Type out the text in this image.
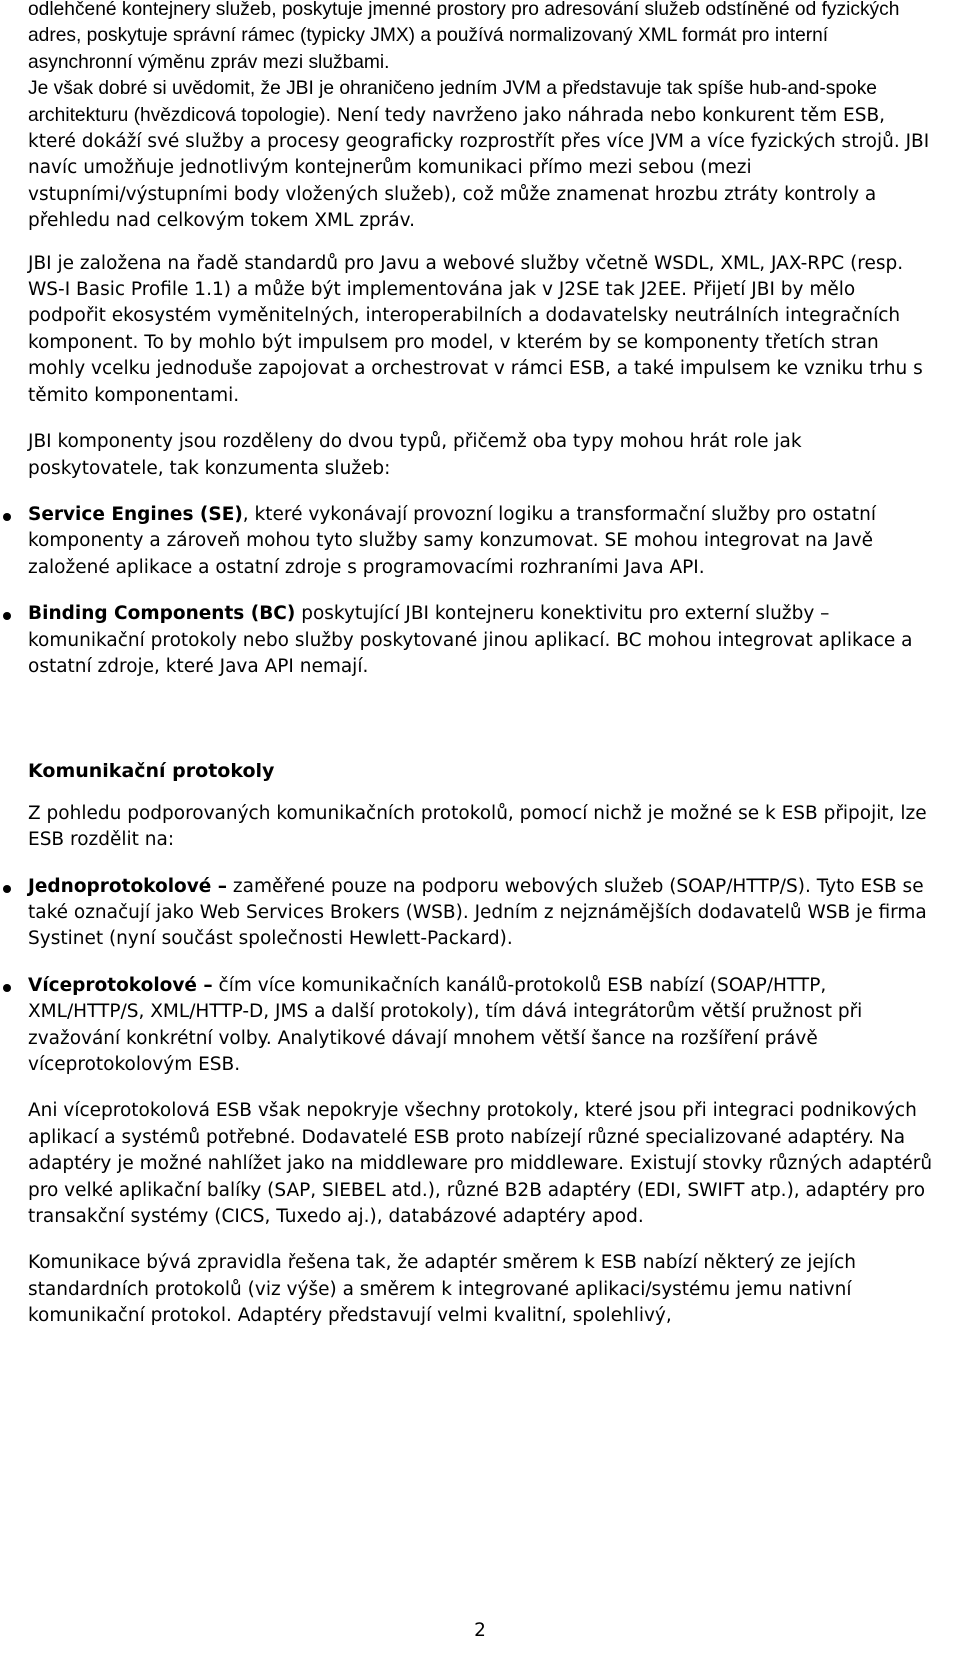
odlehčené kontejnery služeb, poskytuje jmenné prostory pro adresování služeb odstíněné od fyzických adres, poskytuje správní rámec (typicky JMX) a používá normalizovaný XML formát pro interní asynchronní výměnu zpráv mezi službami.

Je však dobré si uvědomit, že JBI je ohraničeno jedním JVM a představuje tak spíše hub-and-spoke architekturu (hvězdicová topologie). Není tedy navrženo jako náhrada nebo konkurent těm ESB, které dokáží své služby a procesy geograficky rozprostřít přes více JVM a více fyzických strojů. JBI navíc umožňuje jednotlivým kontejnerům komunikaci přímo mezi sebou (mezi vstupními/výstupními body vložených služeb), což může znamenat hrozbu ztráty kontroly a přehledu nad celkovým tokem XML zpráv.

JBI je založena na řadě standardů pro Javu a webové služby včetně WSDL, XML, JAX-RPC (resp. WS-I Basic Profile 1.1) a může být implementována jak v J2SE tak J2EE. Přijetí JBI by mělo podpořit ekosystém vyměnitelných, interoperabilních a dodavatelsky neutrálních integračních komponent. To by mohlo být impulsem pro model, v kterém by se komponenty třetích stran mohly vcelku jednoduše zapojovat a orchestrovat v rámci ESB, a také impulsem ke vzniku trhu s těmito komponentami.

JBI komponenty jsou rozděleny do dvou typů, přičemž oba typy mohou hrát role jak poskytovatele, tak konzumenta služeb:

Service Engines (SE), které vykonávají provozní logiku a transformační služby pro ostatní komponenty a zároveň mohou tyto služby samy konzumovat. SE mohou integrovat na Javě založené aplikace a ostatní zdroje s programovacími rozhraními Java API.
Binding Components (BC) poskytující JBI kontejneru konektivitu pro externí služby – komunikační protokoly nebo služby poskytované jinou aplikací. BC mohou integrovat aplikace a ostatní zdroje, které Java API nemají.

Komunikační protokoly

Z pohledu podporovaných komunikačních protokolů, pomocí nichž je možné se k ESB připojit, lze ESB rozdělit na:

Jednoprotokolové – zaměřené pouze na podporu webových služeb (SOAP/HTTP/S). Tyto ESB se také označují jako Web Services Brokers (WSB). Jedním z nejznámějších dodavatelů WSB je firma Systinet (nyní součást společnosti Hewlett-Packard).
Víceprotokolové – čím více komunikačních kanálů-protokolů ESB nabízí (SOAP/HTTP, XML/HTTP/S, XML/HTTP-D, JMS a další protokoly), tím dává integrátorům větší pružnost při zvažování konkrétní volby. Analytikové dávají mnohem větší šance na rozšíření právě víceprotokolovým ESB.

Ani víceprotokolová ESB však nepokryje všechny protokoly, které jsou při integraci podnikových aplikací a systémů potřebné. Dodavatelé ESB proto nabízejí různé specializované adaptéry. Na adaptéry je možné nahlížet jako na middleware pro middleware. Existují stovky různých adaptérů pro velké aplikační balíky (SAP, SIEBEL atd.), různé B2B adaptéry (EDI, SWIFT atp.), adaptéry pro transakční systémy (CICS, Tuxedo aj.), databázové adaptéry apod.

Komunikace bývá zpravidla řešena tak, že adaptér směrem k ESB nabízí některý ze jejích standardních protokolů (viz výše) a směrem k integrované aplikaci/systému jemu nativní komunikační protokol. Adaptéry představují velmi kvalitní, spolehlivý,

2
